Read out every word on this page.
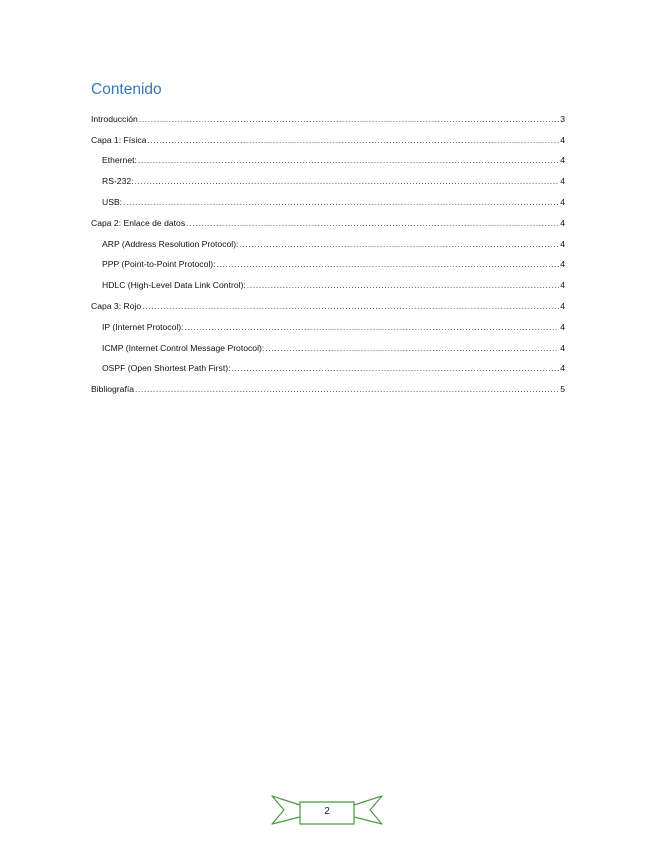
Contenido
Introducción .....	3
Capa 1: Física .....	4
Ethernet: .....	4
RS-232: .....	4
USB: .....	4
Capa 2: Enlace de datos .....	4
ARP (Address Resolution Protocol): .....	4
PPP (Point-to-Point Protocol): .....	4
HDLC (High-Level Data Link Control): .....	4
Capa 3: Rojo .....	4
IP (Internet Protocol): .....	4
ICMP (Internet Control Message Protocol): .....	4
OSPF (Open Shortest Path First): .....	4
Bibliografía .....	5
2
